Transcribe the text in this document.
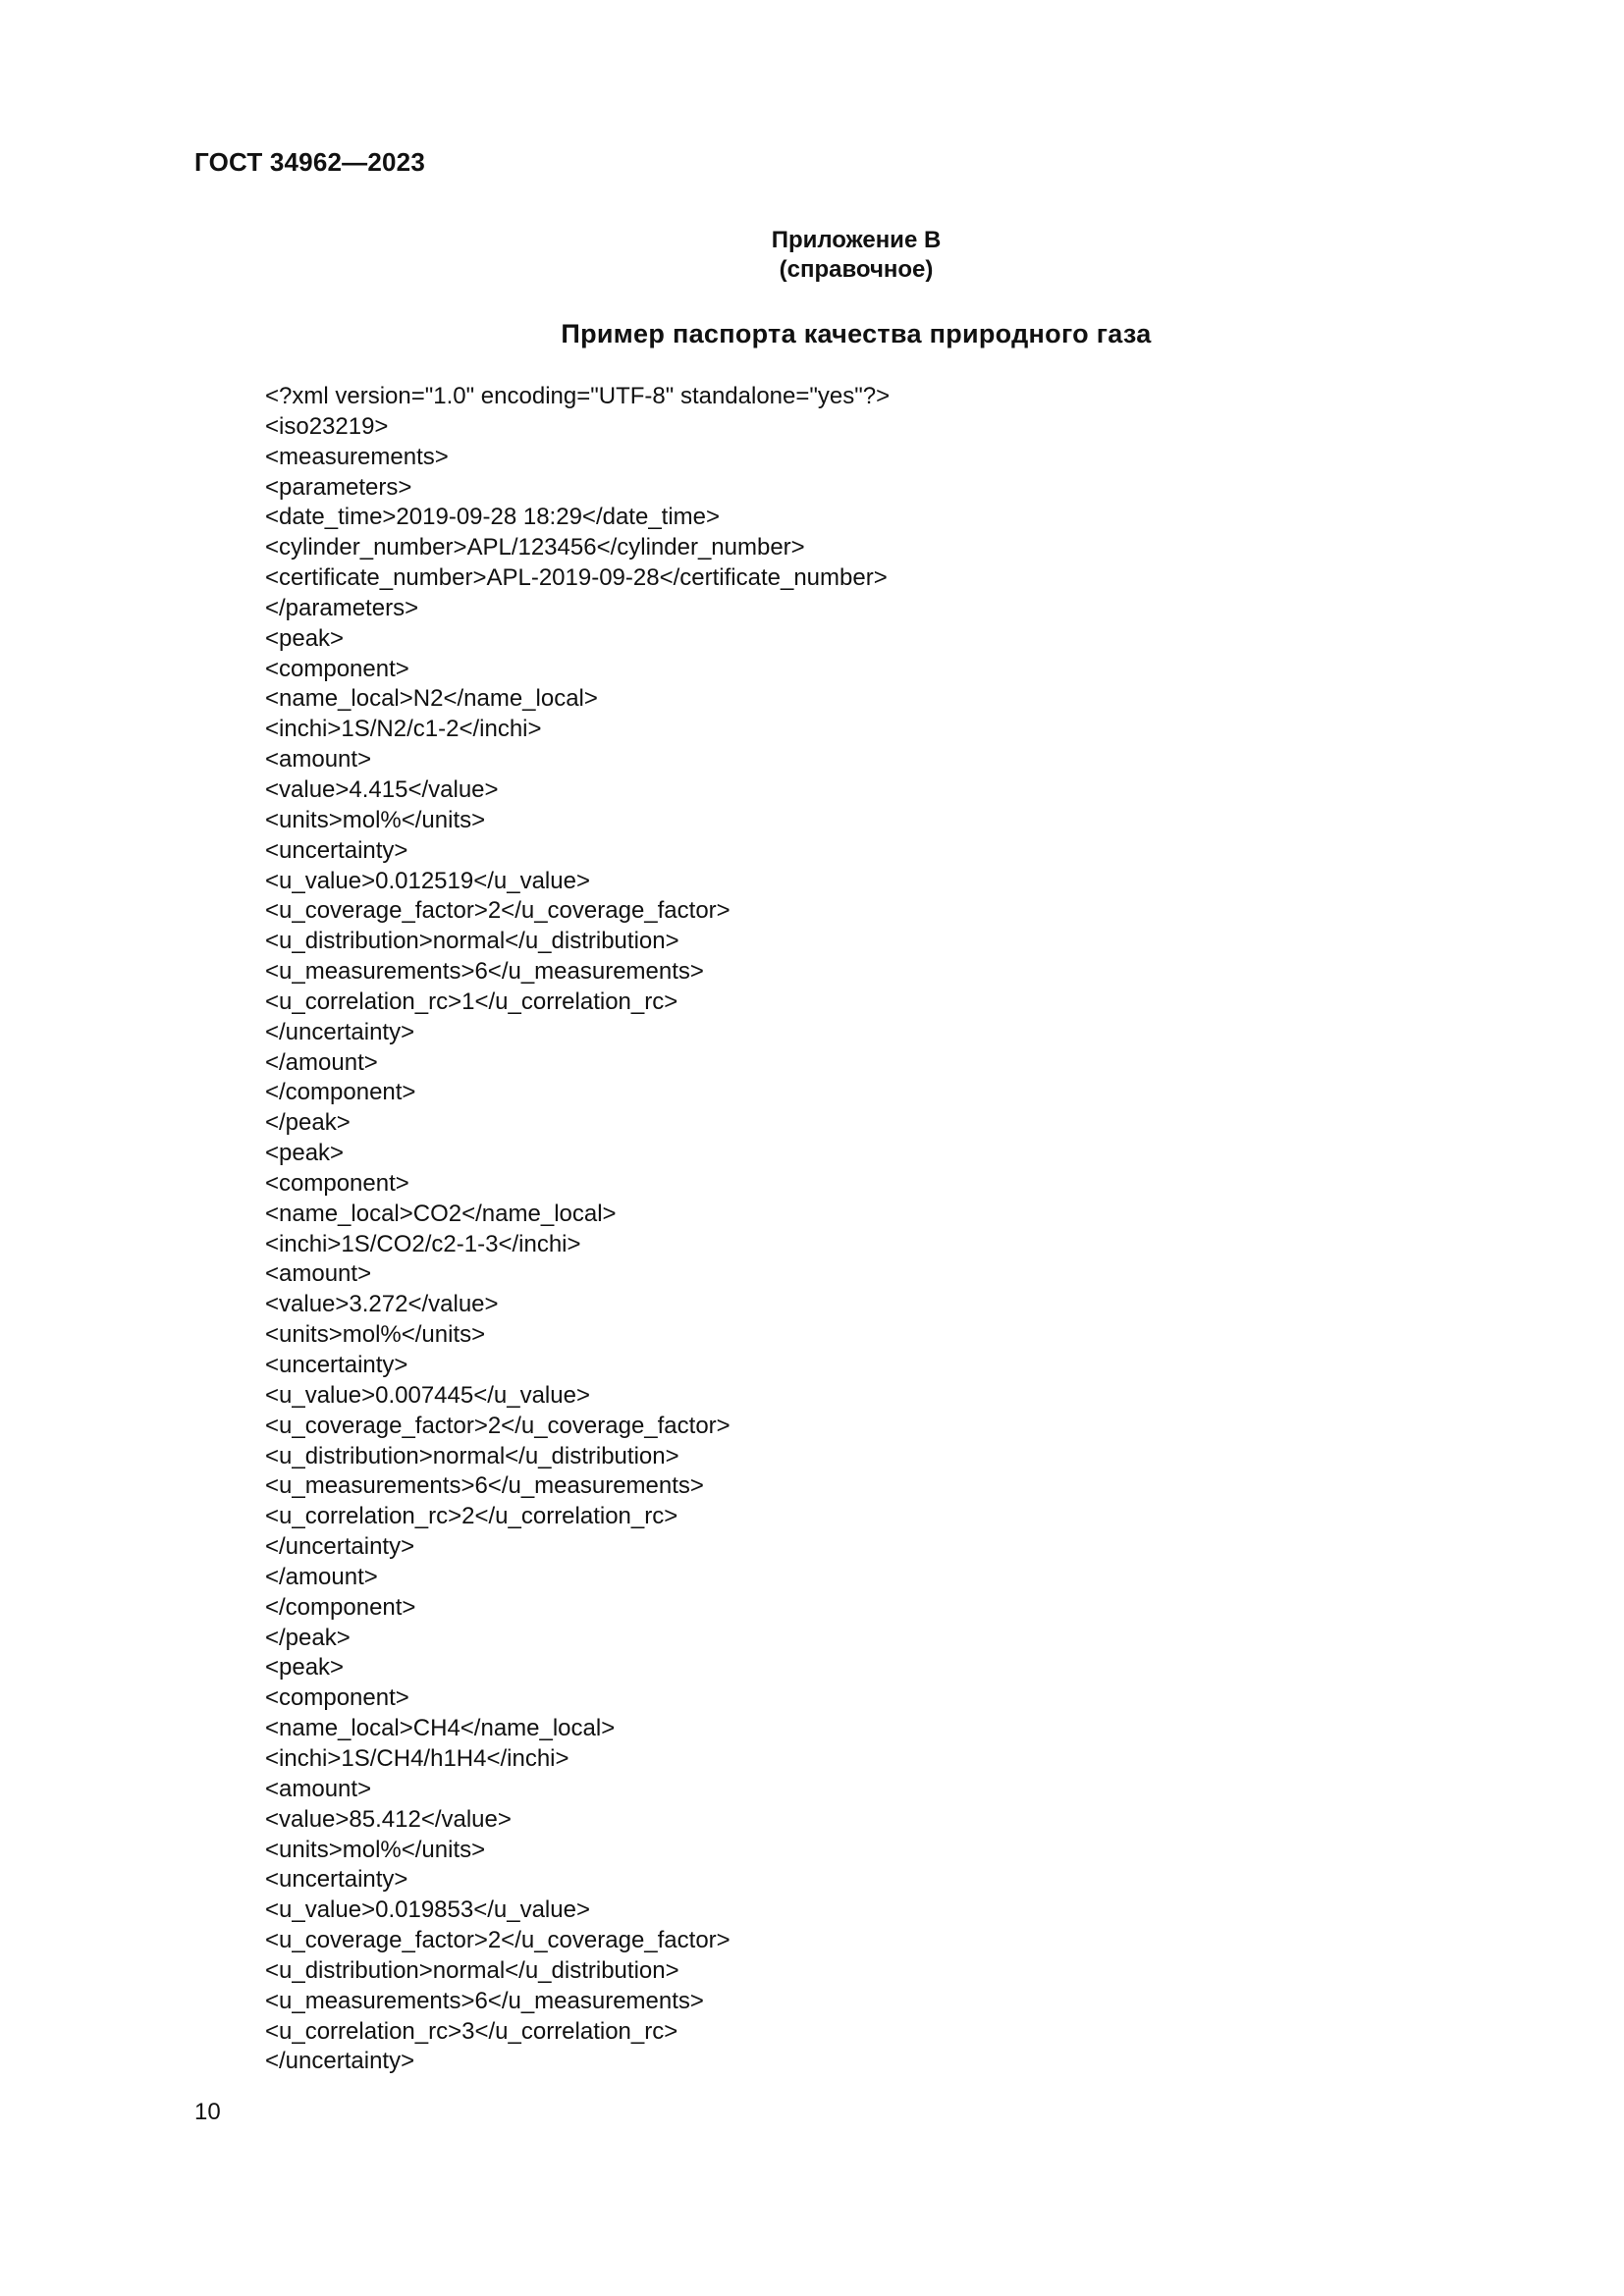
ГОСТ 34962—2023
Приложение В
(справочное)
Пример паспорта качества природного газа
<?xml version="1.0" encoding="UTF-8" standalone="yes"?>
<iso23219>
<measurements>
<parameters>
<date_time>2019-09-28 18:29</date_time>
<cylinder_number>APL/123456</cylinder_number>
<certificate_number>APL-2019-09-28</certificate_number>
</parameters>
<peak>
<component>
<name_local>N2</name_local>
<inchi>1S/N2/c1-2</inchi>
<amount>
<value>4.415</value>
<units>mol%</units>
<uncertainty>
<u_value>0.012519</u_value>
<u_coverage_factor>2</u_coverage_factor>
<u_distribution>normal</u_distribution>
<u_measurements>6</u_measurements>
<u_correlation_rc>1</u_correlation_rc>
</uncertainty>
</amount>
</component>
</peak>
<peak>
<component>
<name_local>CO2</name_local>
<inchi>1S/CO2/c2-1-3</inchi>
<amount>
<value>3.272</value>
<units>mol%</units>
<uncertainty>
<u_value>0.007445</u_value>
<u_coverage_factor>2</u_coverage_factor>
<u_distribution>normal</u_distribution>
<u_measurements>6</u_measurements>
<u_correlation_rc>2</u_correlation_rc>
</uncertainty>
</amount>
</component>
</peak>
<peak>
<component>
<name_local>CH4</name_local>
<inchi>1S/CH4/h1H4</inchi>
<amount>
<value>85.412</value>
<units>mol%</units>
<uncertainty>
<u_value>0.019853</u_value>
<u_coverage_factor>2</u_coverage_factor>
<u_distribution>normal</u_distribution>
<u_measurements>6</u_measurements>
<u_correlation_rc>3</u_correlation_rc>
</uncertainty>
10
